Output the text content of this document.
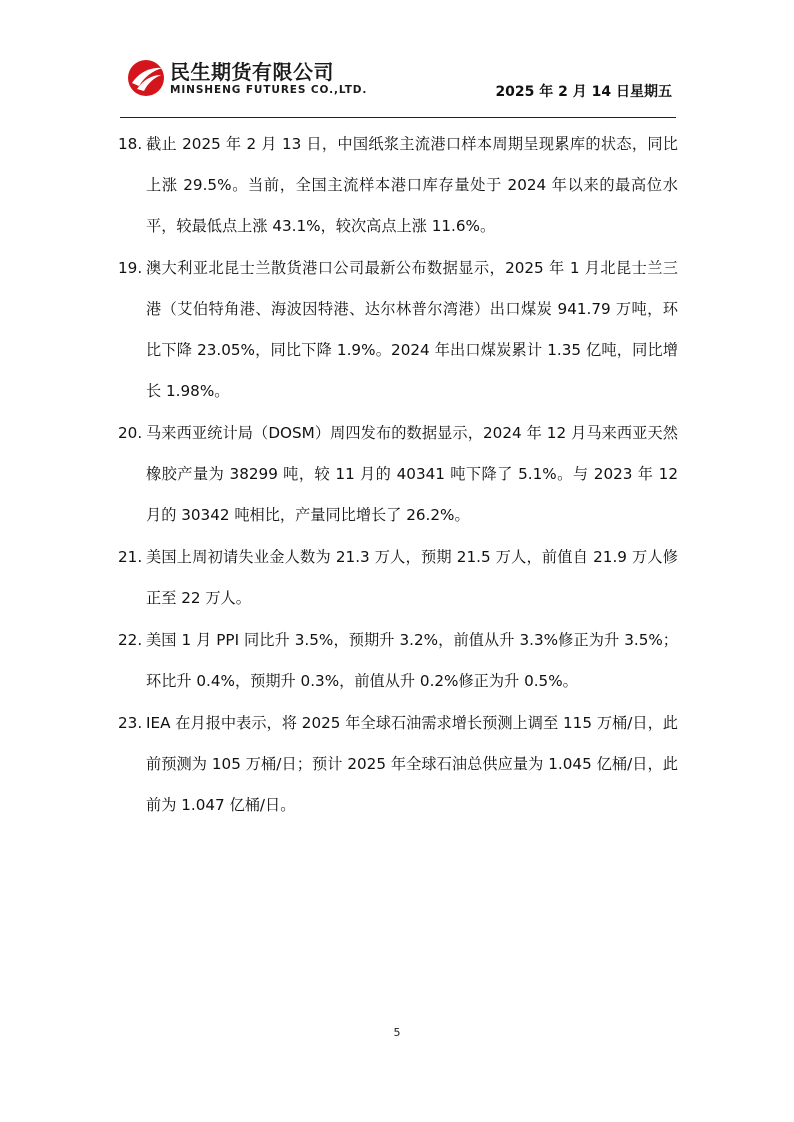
民生期货有限公司
MINSHENG FUTURES CO.,LTD.	2025 年 2 月 14 日星期五
18. 截止 2025 年 2 月 13 日，中国纸浆主流港口样本周期呈现累库的状态，同比上涨 29.5%。当前，全国主流样本港口库存量处于 2024 年以来的最高位水平，较最低点上涨 43.1%，较次高点上涨 11.6%。
19. 澳大利亚北昆士兰散货港口公司最新公布数据显示，2025 年 1 月北昆士兰三港（艾伯特角港、海波因特港、达尔林普尔湾港）出口煤炭 941.79 万吨，环比下降 23.05%，同比下降 1.9%。2024 年出口煤炭累计 1.35 亿吨，同比增长 1.98%。
20. 马来西亚统计局（DOSM）周四发布的数据显示，2024 年 12 月马来西亚天然橡胶产量为 38299 吨，较 11 月的 40341 吨下降了 5.1%。与 2023 年 12 月的 30342 吨相比，产量同比增长了 26.2%。
21. 美国上周初请失业金人数为 21.3 万人，预期 21.5 万人，前值自 21.9 万人修正至 22 万人。
22. 美国 1 月 PPI 同比升 3.5%，预期升 3.2%，前值从升 3.3%修正为升 3.5%；环比升 0.4%，预期升 0.3%，前值从升 0.2%修正为升 0.5%。
23. IEA 在月报中表示，将 2025 年全球石油需求增长预测上调至 115 万桶/日，此前预测为 105 万桶/日；预计 2025 年全球石油总供应量为 1.045 亿桶/日，此前为 1.047 亿桶/日。
5
